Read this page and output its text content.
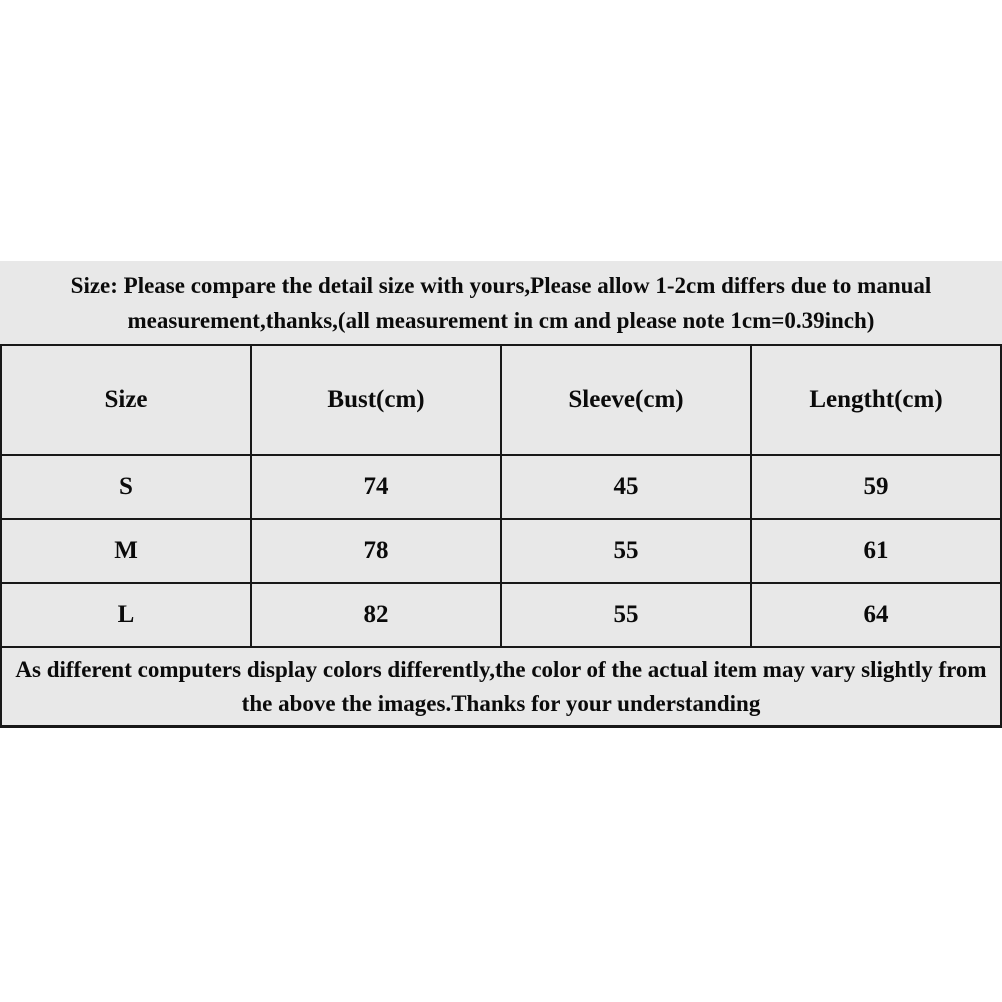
Size: Please compare the detail size with yours,Please allow 1-2cm differs due to manual
measurement,thanks,(all measurement in cm and please note 1cm=0.39inch)
Size	Bust(cm)	Sleeve(cm)	Lengtht(cm)
S	74	45	59
M	78	55	61
L	82	55	64
As different computers display colors differently,the color of the actual item may vary slightly from
the above the images.Thanks for your understanding
